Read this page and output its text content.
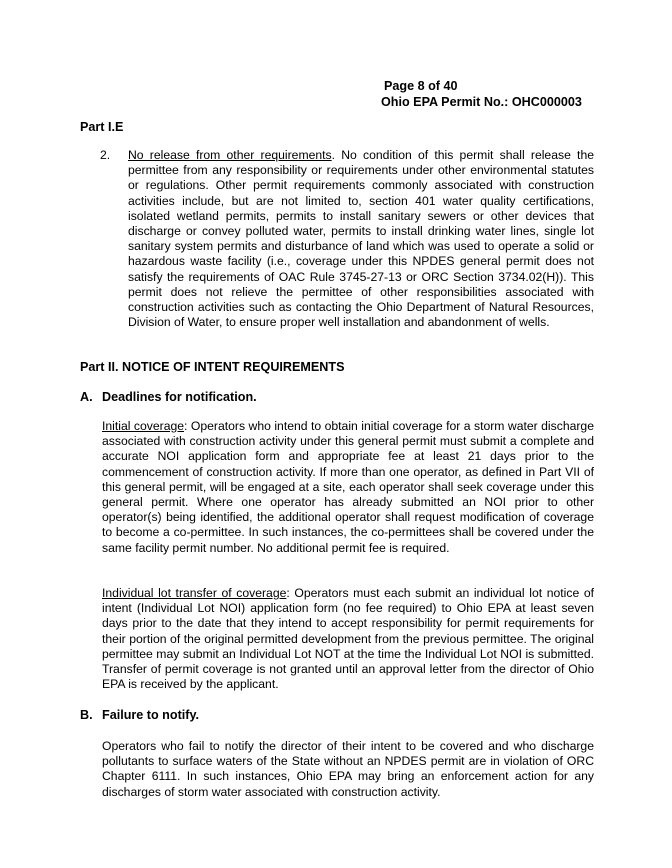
Page 8 of 40
Ohio EPA Permit No.: OHC000003
Part I.E
2. No release from other requirements. No condition of this permit shall release the permittee from any responsibility or requirements under other environmental statutes or regulations. Other permit requirements commonly associated with construction activities include, but are not limited to, section 401 water quality certifications, isolated wetland permits, permits to install sanitary sewers or other devices that discharge or convey polluted water, permits to install drinking water lines, single lot sanitary system permits and disturbance of land which was used to operate a solid or hazardous waste facility (i.e., coverage under this NPDES general permit does not satisfy the requirements of OAC Rule 3745-27-13 or ORC Section 3734.02(H)). This permit does not relieve the permittee of other responsibilities associated with construction activities such as contacting the Ohio Department of Natural Resources, Division of Water, to ensure proper well installation and abandonment of wells.
Part II. NOTICE OF INTENT REQUIREMENTS
A. Deadlines for notification.
Initial coverage: Operators who intend to obtain initial coverage for a storm water discharge associated with construction activity under this general permit must submit a complete and accurate NOI application form and appropriate fee at least 21 days prior to the commencement of construction activity. If more than one operator, as defined in Part VII of this general permit, will be engaged at a site, each operator shall seek coverage under this general permit. Where one operator has already submitted an NOI prior to other operator(s) being identified, the additional operator shall request modification of coverage to become a co-permittee. In such instances, the co-permittees shall be covered under the same facility permit number. No additional permit fee is required.
Individual lot transfer of coverage: Operators must each submit an individual lot notice of intent (Individual Lot NOI) application form (no fee required) to Ohio EPA at least seven days prior to the date that they intend to accept responsibility for permit requirements for their portion of the original permitted development from the previous permittee. The original permittee may submit an Individual Lot NOT at the time the Individual Lot NOI is submitted. Transfer of permit coverage is not granted until an approval letter from the director of Ohio EPA is received by the applicant.
B. Failure to notify.
Operators who fail to notify the director of their intent to be covered and who discharge pollutants to surface waters of the State without an NPDES permit are in violation of ORC Chapter 6111. In such instances, Ohio EPA may bring an enforcement action for any discharges of storm water associated with construction activity.
